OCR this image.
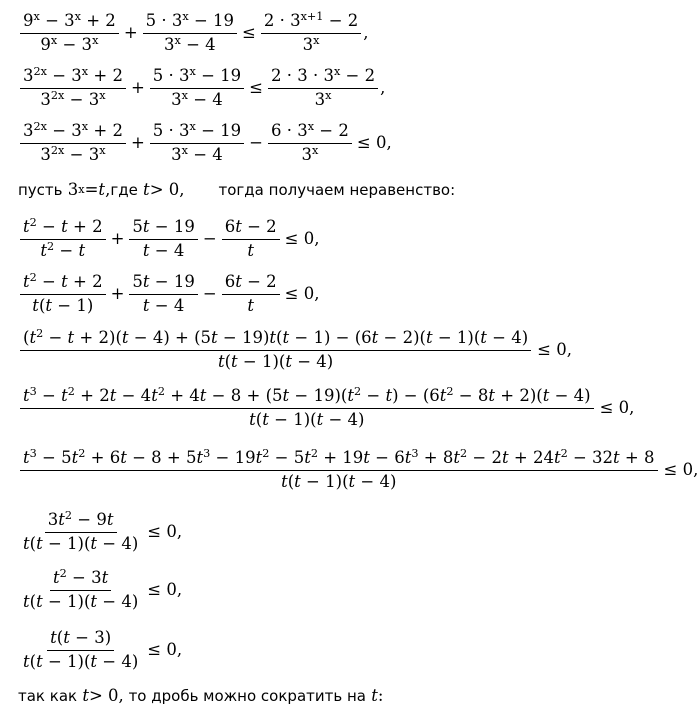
$\frac{9^x - 3^x + 2}{9^x - 3^x} + \frac{5 \cdot 3^x - 19}{3^x - 4} \le \frac{2 \cdot 3^{x+1} - 2}{3^x}$ ,
$\frac{3^{2x} - 3^x + 2}{3^{2x} - 3^x} + \frac{5 \cdot 3^x - 19}{3^x - 4} \le \frac{2 \cdot 3 \cdot 3^x - 2}{3^x}$ ,
$\frac{3^{2x} - 3^x + 2}{3^{2x} - 3^x} + \frac{5 \cdot 3^x - 19}{3^x - 4} - \frac{6 \cdot 3^x - 2}{3^x} \le 0$,
пусть 3 x = t , где
t > 0, тогда получаем неравенство:
$\frac{t^2 - t + 2}{t^2 - t} + \frac{5t - 19}{t - 4} - \frac{6t - 2}{t} \le 0$,
$\frac{t^2 - t + 2}{t(t - 1)} + \frac{5t - 19}{t - 4} - \frac{6t - 2}{t} \le 0$,
$(t^2 - t + 2)(t - 4) + (5t - 19)t(t - 1) - (6t - 2)(t - 1)(t - 4)$
t(t − 1)(t − 4)
≤ 0,
$t^3 - t^2 + 2t - 4t^2 + 4t - 8 + (5t - 19)(t^2 - t) - (6t^2 - 8t + 2)(t - 4)$
t(t − 1)(t − 4)
≤ 0,
$t^3 - 5t^2 + 6t - 8 + 5t^3 - 19t^2 - 5t^2 + 19t - 6t^3 + 8t^2 - 2t + 24t^2 - 32t + 8$
t(t − 1)(t − 4)
≤ 0,
$\frac{3t^2 - 9t}{t(t - 1)(t - 4)} \le 0$,
$\frac{t^2 - 3t}{t(t - 1)(t - 4)} \le 0$,
$\frac{t(t - 3)}{t(t - 1)(t - 4)} \le 0$,
так как
t > 0, то дробь можно сократить на
t :
